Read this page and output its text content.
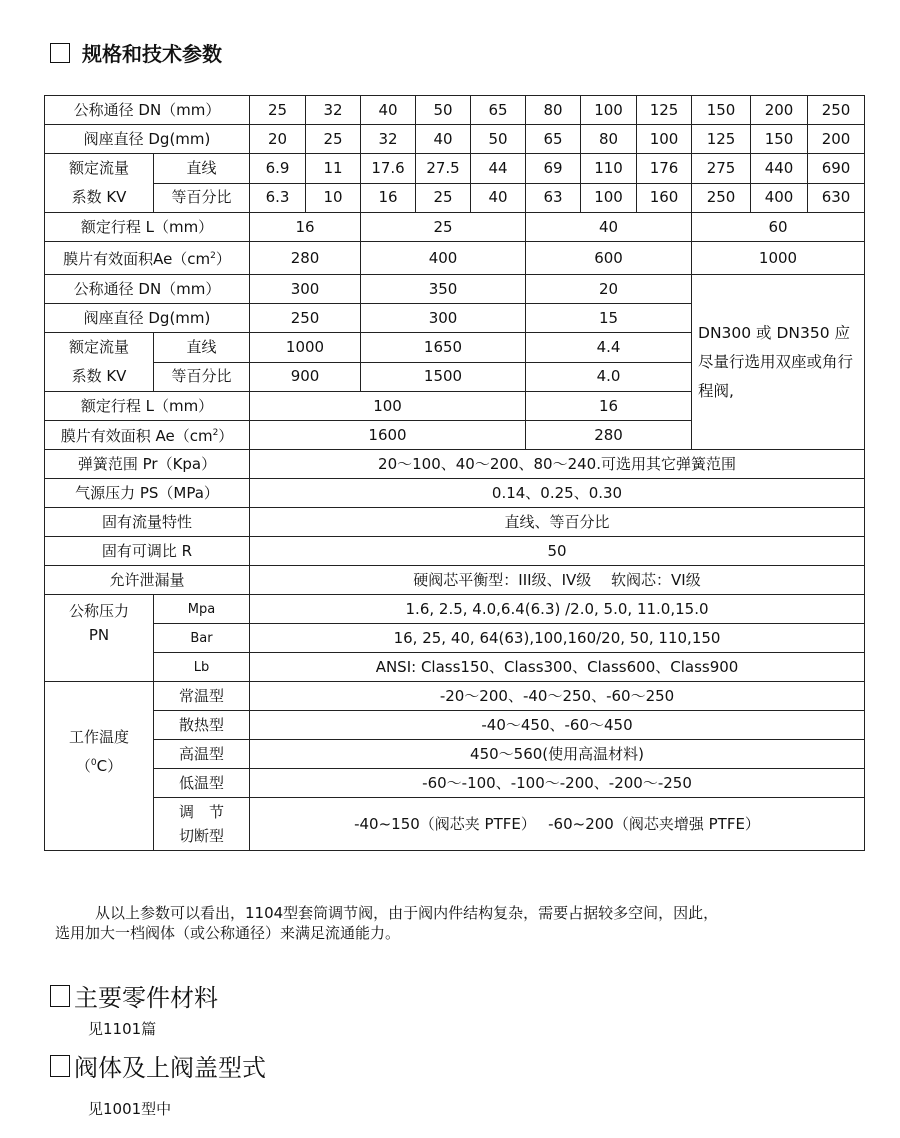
规格和技术参数
公称通径 DN（mm）		25	32	40	50	65	80	100	125	150	200	250
阀座直径 Dg(mm)		20	25	32	40	50	65	80	100	125	150	200

额定流量
系数 KV	直线	6.9	11	17.6	27.5	44	69	110	176	275	440	690
	等百分比	6.3	10	16	25	40	63	100	160	250	400	630
额定行程 L（mm）		16		25			40			60		
膜片有效面积$Ae(cm^2)$		280		400			600			1000		
公称通径 DN（mm）		300		350			20			DN300 或 DN350 应尽量行选用双座或角行程阀,		
阀座直径 Dg(mm)		250		300			15					

额定流量
系数 KV	直线	1000		1650			4.4					
	等百分比	900		1500			4.0					
额定行程 L（mm）		100					16					
膜片有效面积 $Ae(cm^2)$		1600					280					
弹簧范围 Pr（Kpa）		20～100、40～200、80～240.可选用其它弹簧范围										
气源压力 PS（MPa）		0.14、0.25、0.30										
固有流量特性		直线、等百分比										
固有可调比 R		50										
允许泄漏量		硬阀芯平衡型：III级、IV级　 软阀芯：VI级										

公称压力
PN	Mpa	1.6, 2.5, 4.0,6.4(6.3) /2.0, 5.0, 11.0,15.0										
	Bar	16, 25, 40, 64(63),100,160/20, 50, 110,150										
	Lb	ANSI: Class150、Class300、Class600、Class900										

工作温度
（$^0$C）	常温型	-20～200、-40～250、-60～250										
	散热型	-40～450、-60～450										
	高温型	450～560(使用高温材料)										
	低温型	-60～-100、-100～-200、-200～-250										

	调　节
切断型	-40~150（阀芯夹 PTFE）　 -60~200（阀芯夹增强 PTFE）										
从以上参数可以看出，1104型套筒调节阀，由于阀内件结构复杂，需要占据较多空间，因此，
选用加大一档阀体（或公称通径）来满足流通能力。
主要零件材料
见1101篇
阀体及上阀盖型式
见1001型中
